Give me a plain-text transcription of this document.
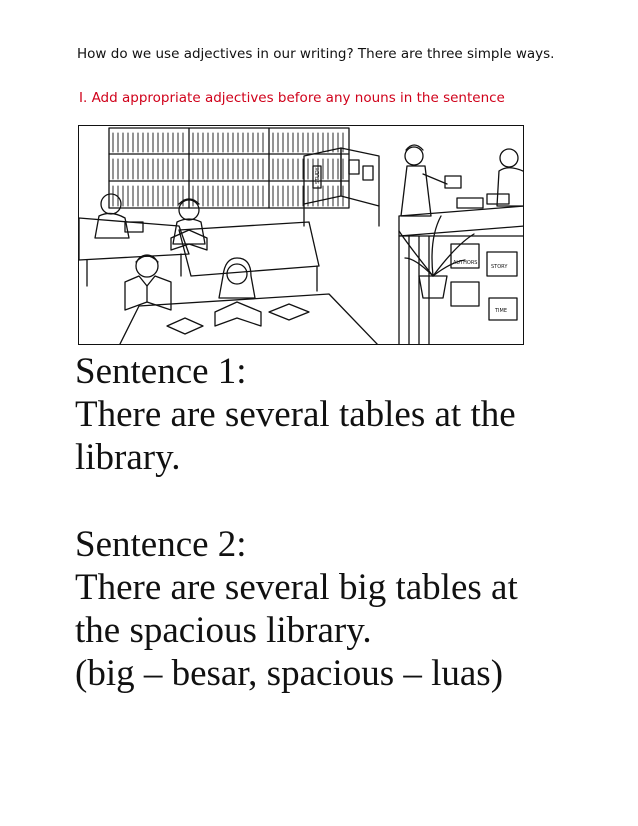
How do we use adjectives in our writing? There are three simple ways.
I. Add appropriate adjectives before any nouns in the sentence
AUTHORS
STORY
TIME
STUDY
Sentence 1:
There are several tables at the
library.
Sentence 2:
There are several big tables at
the spacious library.
(big – besar, spacious – luas)
